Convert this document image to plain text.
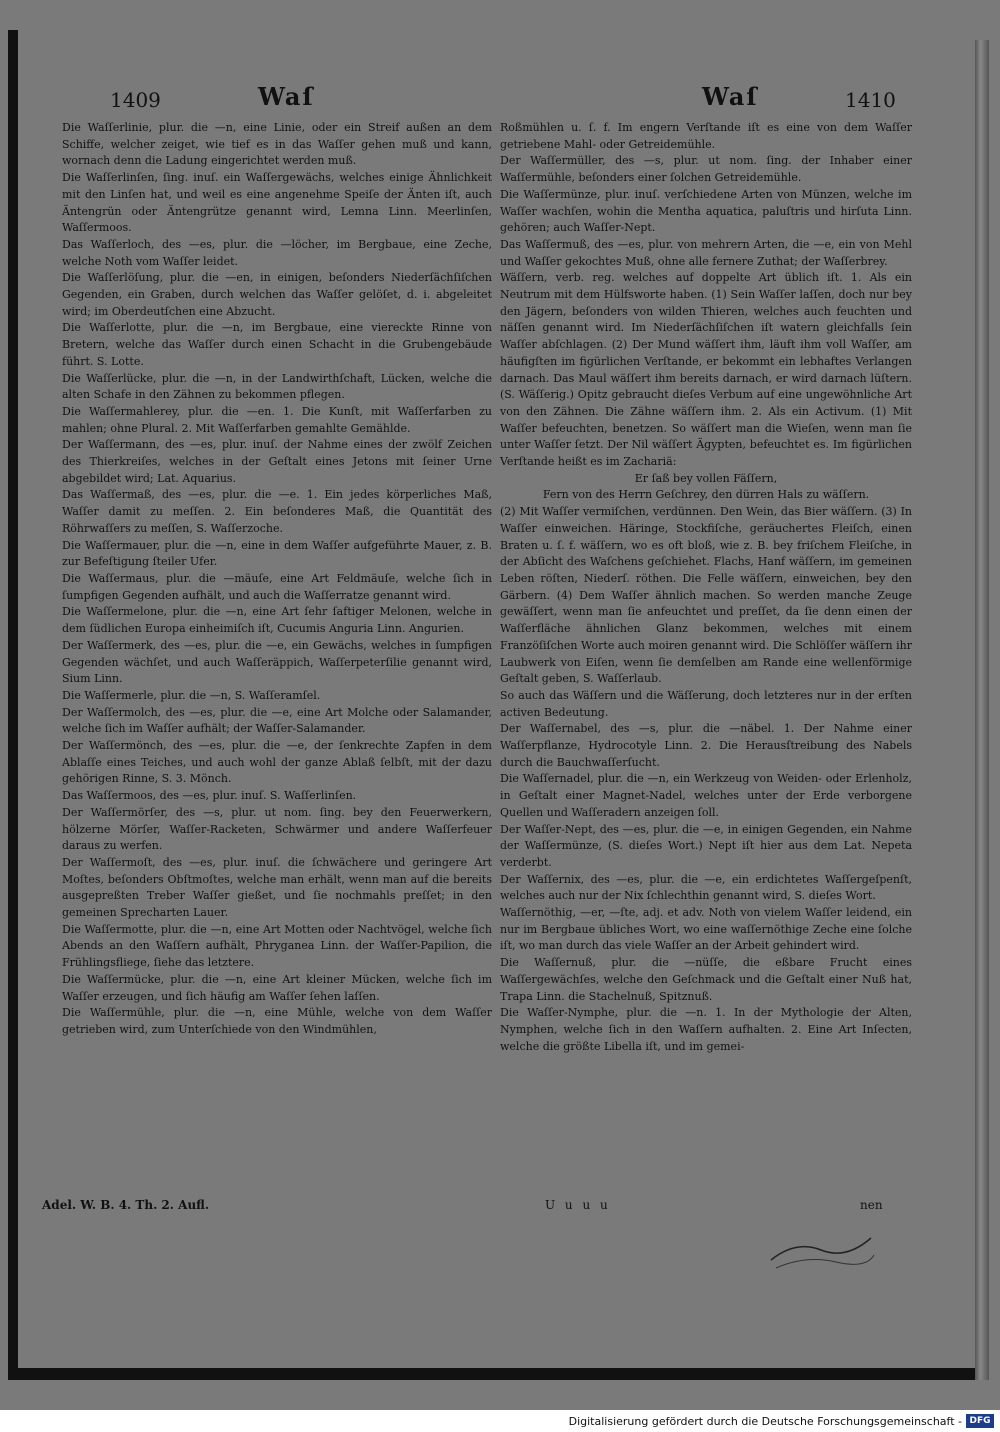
1409	Waſ	Waſ	1410

Die Waſſerlinie, plur. die —n, eine Linie, oder ein Streif außen an dem Schiffe, welcher zeiget, wie tief es in das Waſſer gehen muß und kann, wornach denn die Ladung eingerichtet werden muß.

Die Waſſerlinſen, ſing. inuſ. ein Waſſergewächs, welches einige Ähnlichkeit mit den Linſen hat, und weil es eine angenehme Speiſe der Änten iſt, auch Äntengrün oder Äntengrütze genannt wird, Lemna Linn. Meerlinſen, Waſſermoos.

Das Waſſerloch, des —es, plur. die —löcher, im Bergbaue, eine Zeche, welche Noth vom Waſſer leidet.

Die Waſſerlöſung, plur. die —en, in einigen, beſonders Niederſächſiſchen Gegenden, ein Graben, durch welchen das Waſſer gelöſet, d. i. abgeleitet wird; im Oberdeutſchen eine Abzucht.

Die Waſſerlotte, plur. die —n, im Bergbaue, eine viereckte Rinne von Bretern, welche das Waſſer durch einen Schacht in die Grubengebäude führt. S. Lotte.

Die Waſſerlücke, plur. die —n, in der Landwirthſchaft, Lücken, welche die alten Schafe in den Zähnen zu bekommen pflegen.

Die Waſſermahlerey, plur. die —en. 1. Die Kunſt, mit Waſſerfarben zu mahlen; ohne Plural. 2. Mit Waſſerfarben gemahlte Gemählde.

Der Waſſermann, des —es, plur. inuſ. der Nahme eines der zwölf Zeichen des Thierkreiſes, welches in der Geſtalt eines Jetons mit ſeiner Urne abgebildet wird; Lat. Aquarius.

Das Waſſermaß, des —es, plur. die —e. 1. Ein jedes körperliches Maß, Waſſer damit zu meſſen. 2. Ein beſonderes Maß, die Quantität des Röhrwaſſers zu meſſen, S. Waſſerzoche.

Die Waſſermauer, plur. die —n, eine in dem Waſſer aufgeführte Mauer, z. B. zur Befeſtigung ſteiler Ufer.

Die Waſſermaus, plur. die —mäuſe, eine Art Feldmäuſe, welche ſich in ſumpfigen Gegenden aufhält, und auch die Waſſerratze genannt wird.

Die Waſſermelone, plur. die —n, eine Art ſehr ſaftiger Melonen, welche in dem ſüdlichen Europa einheimiſch iſt, Cucumis Anguria Linn. Angurien.

Der Waſſermerk, des —es, plur. die —e, ein Gewächs, welches in ſumpfigen Gegenden wächſet, und auch Waſſeräppich, Waſſerpeterſilie genannt wird, Sium Linn.

Die Waſſermerle, plur. die —n, S. Waſſeramſel.

Der Waſſermolch, des —es, plur. die —e, eine Art Molche oder Salamander, welche ſich im Waſſer aufhält; der Waſſer-Salamander.

Der Waſſermönch, des —es, plur. die —e, der ſenkrechte Zapfen in dem Ablaſſe eines Teiches, und auch wohl der ganze Ablaß ſelbſt, mit der dazu gehörigen Rinne, S. 3. Mönch.

Das Waſſermoos, des —es, plur. inuſ. S. Waſſerlinſen.

Der Waſſermörſer, des —s, plur. ut nom. ſing. bey den Feuerwerkern, hölzerne Mörſer, Waſſer-Racketen, Schwärmer und andere Waſſerfeuer daraus zu werfen.

Der Waſſermoſt, des —es, plur. inuſ. die ſchwächere und geringere Art Moſtes, beſonders Obſtmoſtes, welche man erhält, wenn man auf die bereits ausgepreßten Treber Waſſer gießet, und ſie nochmahls preſſet; in den gemeinen Sprecharten Lauer.

Die Waſſermotte, plur. die —n, eine Art Motten oder Nachtvögel, welche ſich Abends an den Waſſern aufhält, Phryganea Linn. der Waſſer-Papilion, die Frühlingsfliege, ſiehe das letztere.

Die Waſſermücke, plur. die —n, eine Art kleiner Mücken, welche ſich im Waſſer erzeugen, und ſich häufig am Waſſer ſehen laſſen.

Die Waſſermühle, plur. die —n, eine Mühle, welche von dem Waſſer getrieben wird, zum Unterſchiede von den Windmühlen,

Roßmühlen u. ſ. f. Im engern Verſtande iſt es eine von dem Waſſer getriebene Mahl- oder Getreidemühle.

Der Waſſermüller, des —s, plur. ut nom. ſing. der Inhaber einer Waſſermühle, beſonders einer ſolchen Getreidemühle.

Die Waſſermünze, plur. inuſ. verſchiedene Arten von Münzen, welche im Waſſer wachſen, wohin die Mentha aquatica, paluſtris und hirſuta Linn. gehören; auch Waſſer-Nept.

Das Waſſermuß, des —es, plur. von mehrern Arten, die —e, ein von Mehl und Waſſer gekochtes Muß, ohne alle fernere Zuthat; der Waſſerbrey.

Wäſſern, verb. reg. welches auf doppelte Art üblich iſt. 1. Als ein Neutrum mit dem Hülfsworte haben. (1) Sein Waſſer laſſen, doch nur bey den Jägern, beſonders von wilden Thieren, welches auch feuchten und näſſen genannt wird. Im Niederſächſiſchen iſt watern gleichfalls ſein Waſſer abſchlagen. (2) Der Mund wäſſert ihm, läuft ihm voll Waſſer, am häufigſten im figürlichen Verſtande, er bekommt ein lebhaftes Verlangen darnach. Das Maul wäſſert ihm bereits darnach, er wird darnach lüſtern. (S. Wäſſerig.) Opitz gebraucht dieſes Verbum auf eine ungewöhnliche Art von den Zähnen. Die Zähne wäſſern ihm. 2. Als ein Activum. (1) Mit Waſſer befeuchten, benetzen. So wäſſert man die Wieſen, wenn man ſie unter Waſſer ſetzt. Der Nil wäſſert Ägypten, befeuchtet es. Im figürlichen Verſtande heißt es im Zachariä:

Er ſaß bey vollen Fäſſern,

Fern von des Herrn Geſchrey, den dürren Hals zu wäſſern.

(2) Mit Waſſer vermiſchen, verdünnen. Den Wein, das Bier wäſſern. (3) In Waſſer einweichen. Häringe, Stockfiſche, geräuchertes Fleiſch, einen Braten u. ſ. f. wäſſern, wo es oft bloß, wie z. B. bey friſchem Fleiſche, in der Abſicht des Waſchens geſchiehet. Flachs, Hanf wäſſern, im gemeinen Leben röſten, Niederſ. röthen. Die Felle wäſſern, einweichen, bey den Gärbern. (4) Dem Waſſer ähnlich machen. So werden manche Zeuge gewäſſert, wenn man ſie anfeuchtet und preſſet, da ſie denn einen der Waſſerfläche ähnlichen Glanz bekommen, welches mit einem Franzöſiſchen Worte auch moiren genannt wird. Die Schlöſſer wäſſern ihr Laubwerk von Eiſen, wenn ſie demſelben am Rande eine wellenförmige Geſtalt geben, S. Waſſerlaub.

So auch das Wäſſern und die Wäſſerung, doch letzteres nur in der erſten activen Bedeutung.

Der Waſſernabel, des —s, plur. die —näbel. 1. Der Nahme einer Waſſerpflanze, Hydrocotyle Linn. 2. Die Herausſtreibung des Nabels durch die Bauchwaſſerſucht.

Die Waſſernadel, plur. die —n, ein Werkzeug von Weiden- oder Erlenholz, in Geſtalt einer Magnet-Nadel, welches unter der Erde verborgene Quellen und Waſſeradern anzeigen ſoll.

Der Waſſer-Nept, des —es, plur. die —e, in einigen Gegenden, ein Nahme der Waſſermünze, (S. dieſes Wort.) Nept iſt hier aus dem Lat. Nepeta verderbt.

Der Waſſernix, des —es, plur. die —e, ein erdichtetes Waſſergeſpenſt, welches auch nur der Nix ſchlechthin genannt wird, S. dieſes Wort.

Waſſernöthig, —er, —ſte, adj. et adv. Noth von vielem Waſſer leidend, ein nur im Bergbaue übliches Wort, wo eine waſſernöthige Zeche eine ſolche iſt, wo man durch das viele Waſſer an der Arbeit gehindert wird.

Die Waſſernuß, plur. die —nüſſe, die eßbare Frucht eines Waſſergewächſes, welche den Geſchmack und die Geſtalt einer Nuß hat, Trapa Linn. die Stachelnuß, Spitznuß.

Die Waſſer-Nymphe, plur. die —n. 1. In der Mythologie der Alten, Nymphen, welche ſich in den Waſſern aufhalten. 2. Eine Art Inſecten, welche die größte Libella iſt, und im gemei-

Adel. W. B. 4. Th. 2. Aufl.	U u u u	nen
Digitalisierung gefördert durch die Deutsche Forschungsgemeinschaft - DFG
